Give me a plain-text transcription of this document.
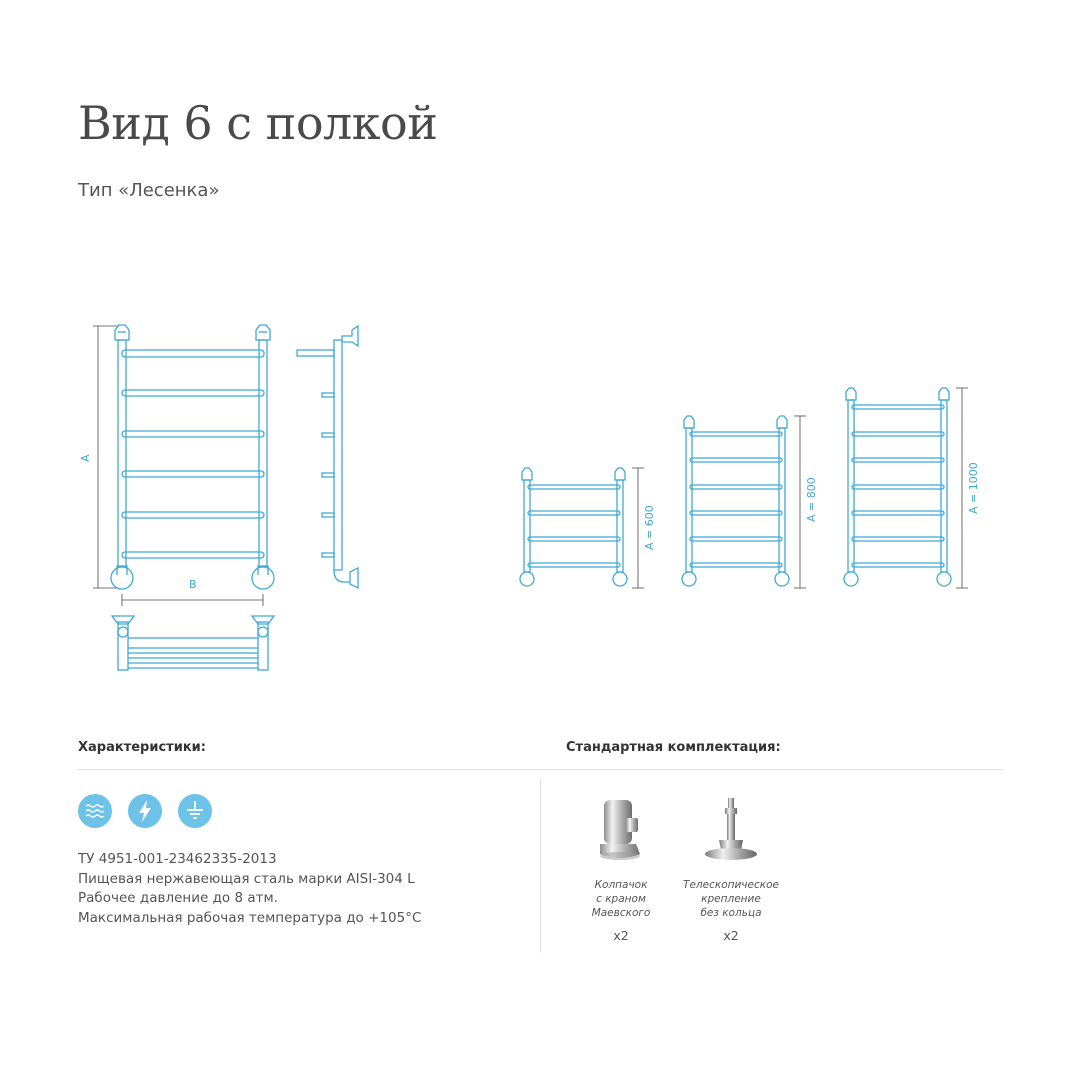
Вид 6 с полкой
Тип «Лесенка»
A
B
A = 600
A = 800	A = 1000
Характеристики:	Стандартная комплектация:
ТУ 4951-001-23462335-2013
Пищевая нержавеющая сталь марки AISI-304 L
Рабочее давление до 8 атм.
Максимальная рабочая температура до +105°C
Колпачок
с краном
Маевского
x2
Телескопическое
крепление
без кольца
x2
